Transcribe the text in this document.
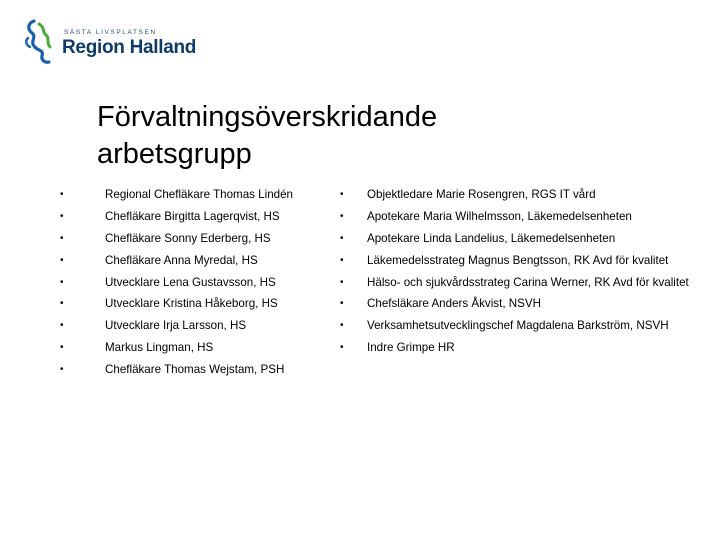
SÄSTA LIVSPLATSEN
Region Halland
Förvaltningsöverskridande
arbetsgrupp
•	Regional Chefläkare Thomas Lindén
•	Chefläkare Birgitta Lagerqvist, HS
•	Chefläkare Sonny Ederberg, HS
•	Chefläkare Anna Myredal, HS
•	Utvecklare Lena Gustavsson, HS
•	Utvecklare Kristina Håkeborg, HS
•	Utvecklare Irja Larsson, HS
•	Markus Lingman, HS
•	Chefläkare Thomas Wejstam, PSH
•	Objektledare Marie Rosengren, RGS IT vård
•	Apotekare Maria Wilhelmsson, Läkemedelsenheten
•	Apotekare Linda Landelius, Läkemedelsenheten
•	Läkemedelsstrateg Magnus Bengtsson, RK Avd för kvalitet
•	Hälso- och sjukvårdsstrateg Carina Werner, RK Avd för kvalitet
•	Chefsläkare Anders Åkvist, NSVH
•	Verksamhetsutvecklingschef Magdalena Barkström, NSVH
•	Indre Grimpe HR
